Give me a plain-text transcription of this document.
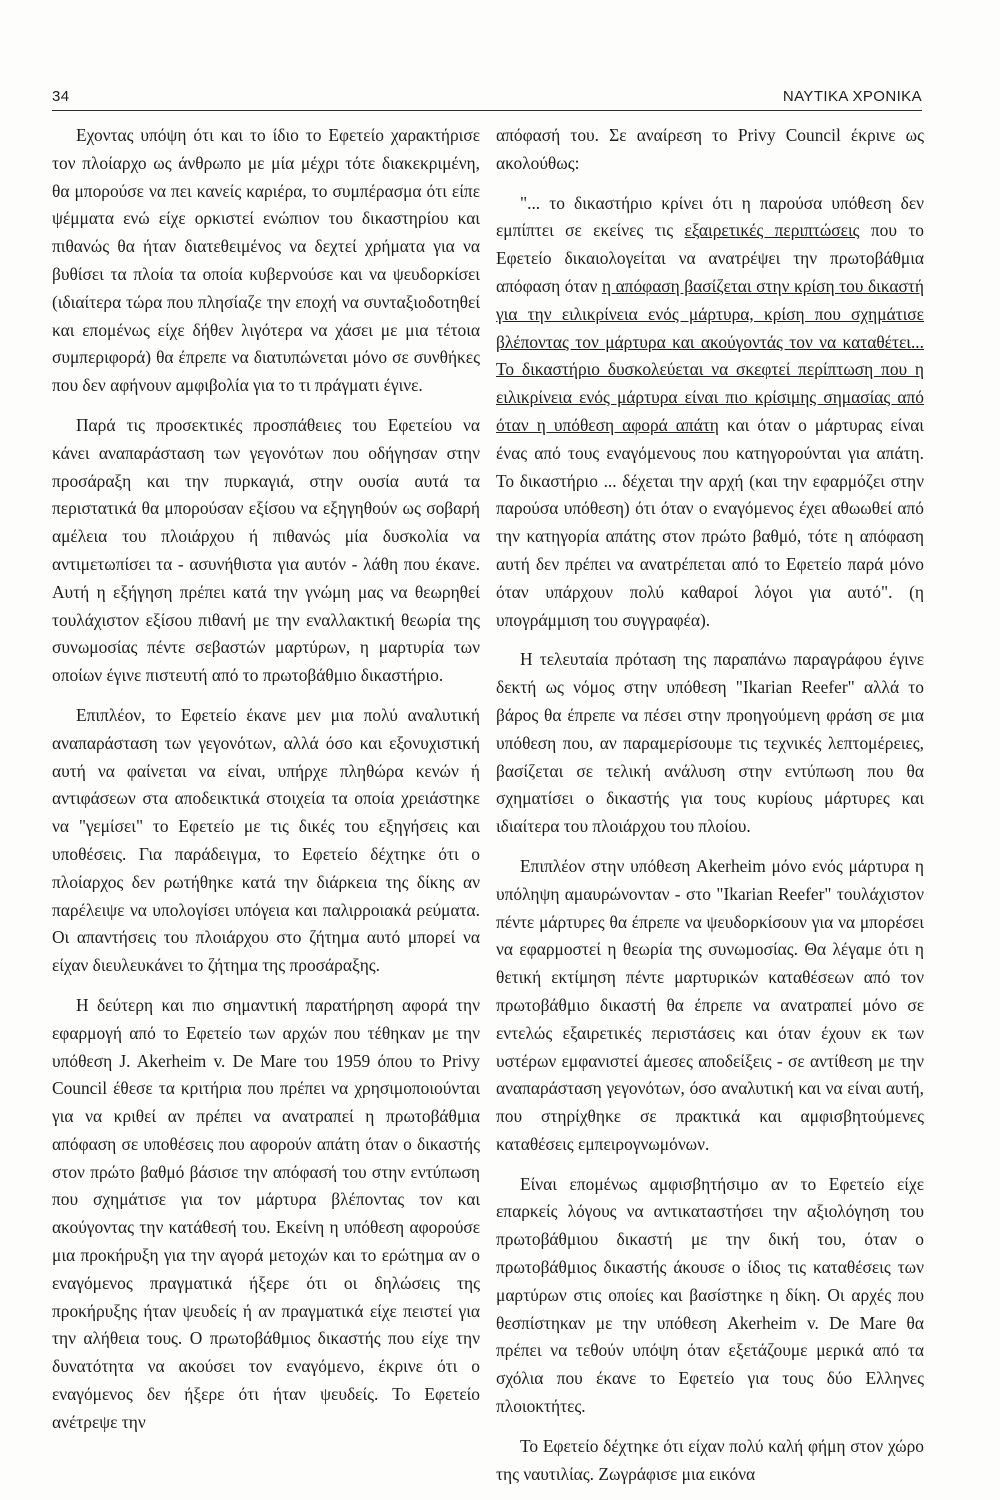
34	ΝΑΥΤΙΚΑ ΧΡΟΝΙΚΑ

Εχοντας υπόψη ότι και το ίδιο το Εφετείο χαρακτήρισε τον πλοίαρχο ως άνθρωπο με μία μέχρι τότε διακεκριμένη, θα μπορούσε να πει κανείς καριέρα, το συμπέρασμα ότι είπε ψέμματα ενώ είχε ορκιστεί ενώπιον του δικαστηρίου και πιθανώς θα ήταν διατεθειμένος να δεχτεί χρήματα για να βυθίσει τα πλοία τα οποία κυβερνούσε και να ψευδορκίσει (ιδιαίτερα τώρα που πλησίαζε την εποχή να συνταξιοδοτηθεί και επομένως είχε δήθεν λιγότερα να χάσει με μια τέτοια συμπεριφορά) θα έπρεπε να διατυπώνεται μόνο σε συνθήκες που δεν αφήνουν αμφιβολία για το τι πράγματι έγινε.

Παρά τις προσεκτικές προσπάθειες του Εφετείου να κάνει αναπαράσταση των γεγονότων που οδήγησαν στην προσάραξη και την πυρκαγιά, στην ουσία αυτά τα περιστατικά θα μπορούσαν εξίσου να εξηγηθούν ως σοβαρή αμέλεια του πλοιάρχου ή πιθανώς μία δυσκολία να αντιμετωπίσει τα - ασυνήθιστα για αυτόν - λάθη που έκανε. Αυτή η εξήγηση πρέπει κατά την γνώμη μας να θεωρηθεί τουλάχιστον εξίσου πιθανή με την εναλλακτική θεωρία της συνωμοσίας πέντε σεβαστών μαρτύρων, η μαρτυρία των οποίων έγινε πιστευτή από το πρωτοβάθμιο δικαστήριο.

Επιπλέον, το Εφετείο έκανε μεν μια πολύ αναλυτική αναπαράσταση των γεγονότων, αλλά όσο και εξονυχιστική αυτή να φαίνεται να είναι, υπήρχε πληθώρα κενών ή αντιφάσεων στα αποδεικτικά στοιχεία τα οποία χρειάστηκε να "γεμίσει" το Εφετείο με τις δικές του εξηγήσεις και υποθέσεις. Για παράδειγμα, το Εφετείο δέχτηκε ότι ο πλοίαρχος δεν ρωτήθηκε κατά την διάρκεια της δίκης αν παρέλειψε να υπολογίσει υπόγεια και παλιρροιακά ρεύματα. Οι απαντήσεις του πλοιάρχου στο ζήτημα αυτό μπορεί να είχαν διευλευκάνει το ζήτημα της προσάραξης.

Η δεύτερη και πιο σημαντική παρατήρηση αφορά την εφαρμογή από το Εφετείο των αρχών που τέθηκαν με την υπόθεση J. Akerheim v. De Mare του 1959 όπου το Privy Council έθεσε τα κριτήρια που πρέπει να χρησιμοποιούνται για να κριθεί αν πρέπει να ανατραπεί η πρωτοβάθμια απόφαση σε υποθέσεις που αφορούν απάτη όταν ο δικαστής στον πρώτο βαθμό βάσισε την απόφασή του στην εντύπωση που σχημάτισε για τον μάρτυρα βλέποντας τον και ακούγοντας την κατάθεσή του. Εκείνη η υπόθεση αφορούσε μια προκήρυξη για την αγορά μετοχών και το ερώτημα αν ο εναγόμενος πραγματικά ήξερε ότι οι δηλώσεις της προκήρυξης ήταν ψευδείς ή αν πραγματικά είχε πειστεί για την αλήθεια τους. Ο πρωτοβάθμιος δικαστής που είχε την δυνατότητα να ακούσει τον εναγόμενο, έκρινε ότι ο εναγόμενος δεν ήξερε ότι ήταν ψευδείς. Το Εφετείο ανέτρεψε την

απόφασή του. Σε αναίρεση το Privy Council έκρινε ως ακολούθως:

"... το δικαστήριο κρίνει ότι η παρούσα υπόθεση δεν εμπίπτει σε εκείνες τις εξαιρετικές περιπτώσεις που το Εφετείο δικαιολογείται να ανατρέψει την πρωτοβάθμια απόφαση όταν η απόφαση βασίζεται στην κρίση του δικαστή για την ειλικρίνεια ενός μάρτυρα, κρίση που σχημάτισε βλέποντας τον μάρτυρα και ακούγοντάς τον να καταθέτει... Το δικαστήριο δυσκολεύεται να σκεφτεί περίπτωση που η ειλικρίνεια ενός μάρτυρα είναι πιο κρίσιμης σημασίας από όταν η υπόθεση αφορά απάτη και όταν ο μάρτυρας είναι ένας από τους εναγόμενους που κατηγορούνται για απάτη. Το δικαστήριο ... δέχεται την αρχή (και την εφαρμόζει στην παρούσα υπόθεση) ότι όταν ο εναγόμενος έχει αθωωθεί από την κατηγορία απάτης στον πρώτο βαθμό, τότε η απόφαση αυτή δεν πρέπει να ανατρέπεται από το Εφετείο παρά μόνο όταν υπάρχουν πολύ καθαροί λόγοι για αυτό". (η υπογράμμιση του συγγραφέα).

Η τελευταία πρόταση της παραπάνω παραγράφου έγινε δεκτή ως νόμος στην υπόθεση "Ikarian Reefer" αλλά το βάρος θα έπρεπε να πέσει στην προηγούμενη φράση σε μια υπόθεση που, αν παραμερίσουμε τις τεχνικές λεπτομέρειες, βασίζεται σε τελική ανάλυση στην εντύπωση που θα σχηματίσει ο δικαστής για τους κυρίους μάρτυρες και ιδιαίτερα του πλοιάρχου του πλοίου.

Επιπλέον στην υπόθεση Akerheim μόνο ενός μάρτυρα η υπόληψη αμαυρώνονταν - στο "Ikarian Reefer" τουλάχιστον πέντε μάρτυρες θα έπρεπε να ψευδορκίσουν για να μπορέσει να εφαρμοστεί η θεωρία της συνωμοσίας. Θα λέγαμε ότι η θετική εκτίμηση πέντε μαρτυρικών καταθέσεων από τον πρωτοβάθμιο δικαστή θα έπρεπε να ανατραπεί μόνο σε εντελώς εξαιρετικές περιστάσεις και όταν έχουν εκ των υστέρων εμφανιστεί άμεσες αποδείξεις - σε αντίθεση με την αναπαράσταση γεγονότων, όσο αναλυτική και να είναι αυτή, που στηρίχθηκε σε πρακτικά και αμφισβητούμενες καταθέσεις εμπειρογνωμόνων.

Είναι επομένως αμφισβητήσιμο αν το Εφετείο είχε επαρκείς λόγους να αντικαταστήσει την αξιολόγηση του πρωτοβάθμιου δικαστή με την δική του, όταν ο πρωτοβάθμιος δικαστής άκουσε ο ίδιος τις καταθέσεις των μαρτύρων στις οποίες και βασίστηκε η δίκη. Οι αρχές που θεσπίστηκαν με την υπόθεση Akerheim v. De Mare θα πρέπει να τεθούν υπόψη όταν εξετάζουμε μερικά από τα σχόλια που έκανε το Εφετείο για τους δύο Ελληνες πλοιοκτήτες.

Το Εφετείο δέχτηκε ότι είχαν πολύ καλή φήμη στον χώρο της ναυτιλίας. Ζωγράφισε μια εικόνα
